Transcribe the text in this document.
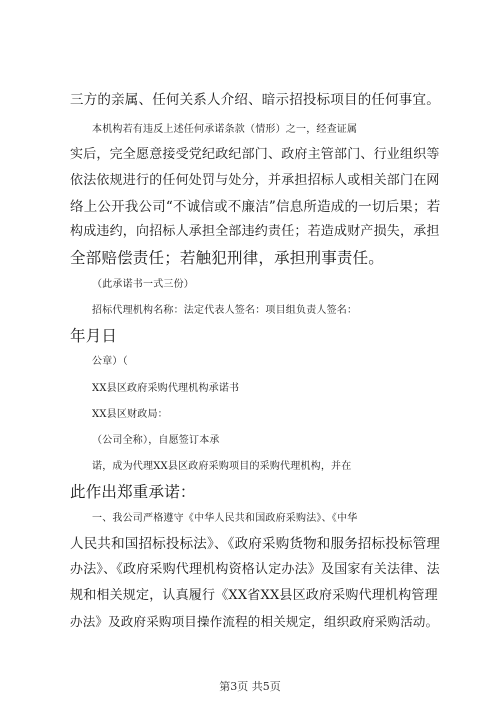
三方的亲属、任何关系人介绍、暗示招投标项目的任何事宜。
本机构若有违反上述任何承诺条款（情形）之一，经查证属
实后，完全愿意接受党纪政纪部门、政府主管部门、行业组织等
依法依规进行的任何处罚与处分，并承担招标人或相关部门在网
络上公开我公司“不诚信或不廉洁”信息所造成的一切后果；若
构成违约，向招标人承担全部违约责任；若造成财产损失，承担
全部赔偿责任；若触犯刑律，承担刑事责任。
（此承诺书一式三份）
招标代理机构名称：法定代表人签名：项目组负责人签名：
年月日
公章）（
XX县区政府采购代理机构承诺书
XX县区财政局：
（公司全称），自愿签订本承
诺，成为代理XX县区政府采购项目的采购代理机构，并在
此作出郑重承诺：
一、我公司严格遵守《中华人民共和国政府采购法》、《中华
人民共和国招标投标法》、《政府采购货物和服务招标投标管理
办法》、《政府采购代理机构资格认定办法》及国家有关法律、法
规和相关规定，认真履行《XX省XX县区政府采购代理机构管理
办法》及政府采购项目操作流程的相关规定，组织政府采购活动。
第3页 共5页
